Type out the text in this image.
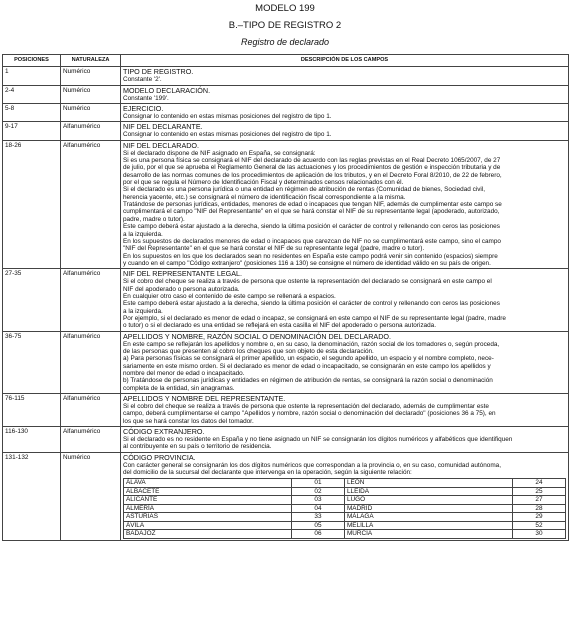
MODELO 199
B.–TIPO DE REGISTRO 2
Registro de declarado
POSICIONES	NATURALEZA	DESCRIPCIÓN DE LOS CAMPOS
1	Numérico	TIPO DE REGISTRO.
Constante '2'.

2-4	Numérico	MODELO DECLARACIÓN.
Constante '199'.

5-8	Numérico	EJERCICIO.
Consignar lo contenido en estas mismas posiciones del registro de tipo 1.

9-17	Alfanumérico	NIF DEL DECLARANTE.
Consignar lo contenido en estas mismas posiciones del registro de tipo 1.

18-26	Alfanumérico	NIF DEL DECLARADO.
Si el declarado dispone de NIF asignado en España, se consignará:
Si es una persona física se consignará el NIF del declarado de acuerdo con las reglas previstas en el Real Decreto 1065/2007, de 27
de julio, por el que se aprueba el Reglamento General de las actuaciones y los procedimientos de gestión e inspección tributaria y de
desarrollo de las normas comunes de los procedimientos de aplicación de los tributos, y en el Decreto Foral 8/2010, de 22 de febrero,
por el que se regula el Número de Identificación Fiscal y determinados censos relacionados con él.
Si el declarado es una persona jurídica o una entidad en régimen de atribución de rentas (Comunidad de bienes, Sociedad civil,
herencia yacente, etc.) se consignará el número de identificación fiscal correspondiente a la misma.
Tratándose de personas jurídicas, entidades, menores de edad o incapaces que tengan NIF, además de cumplimentar este campo se
cumplimentará el campo "NIF del Representante" en el que se hará constar el NIF de su representante legal (apoderado, autorizado,
padre, madre o tutor).
Este campo deberá estar ajustado a la derecha, siendo la última posición el carácter de control y rellenando con ceros las posiciones
a la izquierda.
En los supuestos de declarados menores de edad o incapaces que carezcan de NIF no se cumplimentará este campo, sino el campo
"NIF del Representante" en el que se hará constar el NIF de su representante legal (padre, madre o tutor).
En los supuestos en los que los declarados sean no residentes en España este campo podrá venir sin contenido (espacios) siempre
y cuando en el campo "Código extranjero" (posiciones 116 a 130) se consigne el número de identidad válido en su país de origen.

27-35	Alfanumérico	NIF DEL REPRESENTANTE LEGAL.
Si el cobro del cheque se realiza a través de persona que ostente la representación del declarado se consignará en este campo el
NIF del apoderado o persona autorizada.
En cualquier otro caso el contenido de este campo se rellenará a espacios.
Este campo deberá estar ajustado a la derecha, siendo la última posición el carácter de control y rellenando con ceros las posiciones
a la izquierda.
Por ejemplo, si el declarado es menor de edad o incapaz, se consignará en este campo el NIF de su representante legal (padre, madre
o tutor) o si el declarado es una entidad se reflejará en esta casilla el NIF del apoderado o persona autorizada.

36-75	Alfanumérico	APELLIDOS Y NOMBRE, RAZÓN SOCIAL O DENOMINACIÓN DEL DECLARADO.
En este campo se reflejarán los apellidos y nombre o, en su caso, la denominación, razón social de los tomadores o, según proceda,
de las personas que presenten al cobro los cheques que son objeto de esta declaración.
a) Para personas físicas se consignará el primer apellido, un espacio, el segundo apellido, un espacio y el nombre completo, nece-
sariamente en este mismo orden. Si el declarado es menor de edad o incapacitado, se consignarán en este campo los apellidos y
nombre del menor de edad o incapacitado.
b) Tratándose de personas jurídicas y entidades en régimen de atribución de rentas, se consignará la razón social o denominación
completa de la entidad, sin anagramas.

76-115	Alfanumérico	APELLIDOS Y NOMBRE DEL REPRESENTANTE.
Si el cobro del cheque se realiza a través de persona que ostente la representación del declarado, además de cumplimentar este
campo, deberá cumplimentarse el campo "Apellidos y nombre, razón social o denominación del declarado" (posiciones 36 a 75), en
los que se hará constar los datos del tomador.

116-130	Alfanumérico	CÓDIGO EXTRANJERO.
Si el declarado es no residente en España y no tiene asignado un NIF se consignarán los dígitos numéricos y alfabéticos que identifiquen
al contribuyente en su país o territorio de residencia.

131-132	Numérico	CÓDIGO PROVINCIA.
Con carácter general se consignarán los dos dígitos numéricos que correspondan a la provincia o, en su caso, comunidad autónoma,
del domicilio de la sucursal del declarante que intervenga en la operación, según la siguiente relación:
ÁLAVA	01	LEÓN	24
ALBACETE	02	LLEIDA	25
ALICANTE	03	LUGO	27
ALMERÍA	04	MADRID	28
ASTURIAS	33	MÁLAGA	29
ÁVILA	05	MELILLA	52
BADAJOZ	06	MURCIA	30
